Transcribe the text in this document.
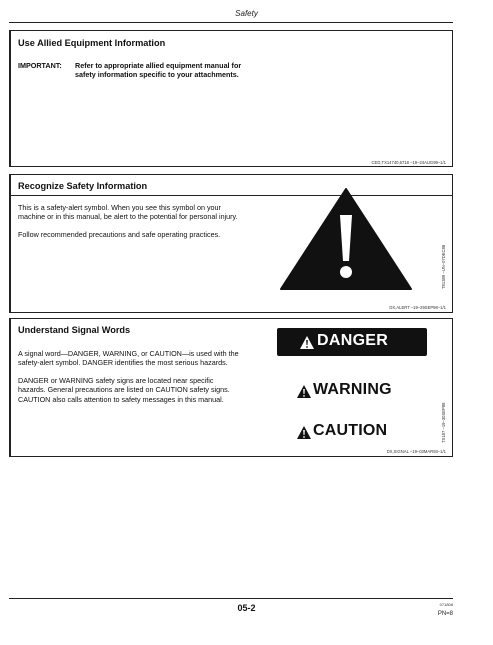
Safety
Use Allied Equipment Information
IMPORTANT: Refer to appropriate allied equipment manual for safety information specific to your attachments.
CED,TX14740,6718 –19–24AUG99–1/1
Recognize Safety Information

This is a safety-alert symbol. When you see this symbol on your machine or in this manual, be alert to the potential for personal injury.

Follow recommended precautions and safe operating practices.

T81389 –UN–07DEC88
DX,ALERT –19–29SEP98–1/1
Understand Signal Words

A signal word—DANGER, WARNING, or CAUTION—is used with the safety-alert symbol. DANGER identifies the most serious hazards.

DANGER or WARNING safety signs are located near specific hazards. General precautions are listed on CAUTION safety signs. CAUTION also calls attention to safety messages in this manual.

DANGER
WARNING
CAUTION	TS187 –19–30SEP88
DX,SIGNAL –19–03MAR93–1/1
05-2	071808
PN=8
